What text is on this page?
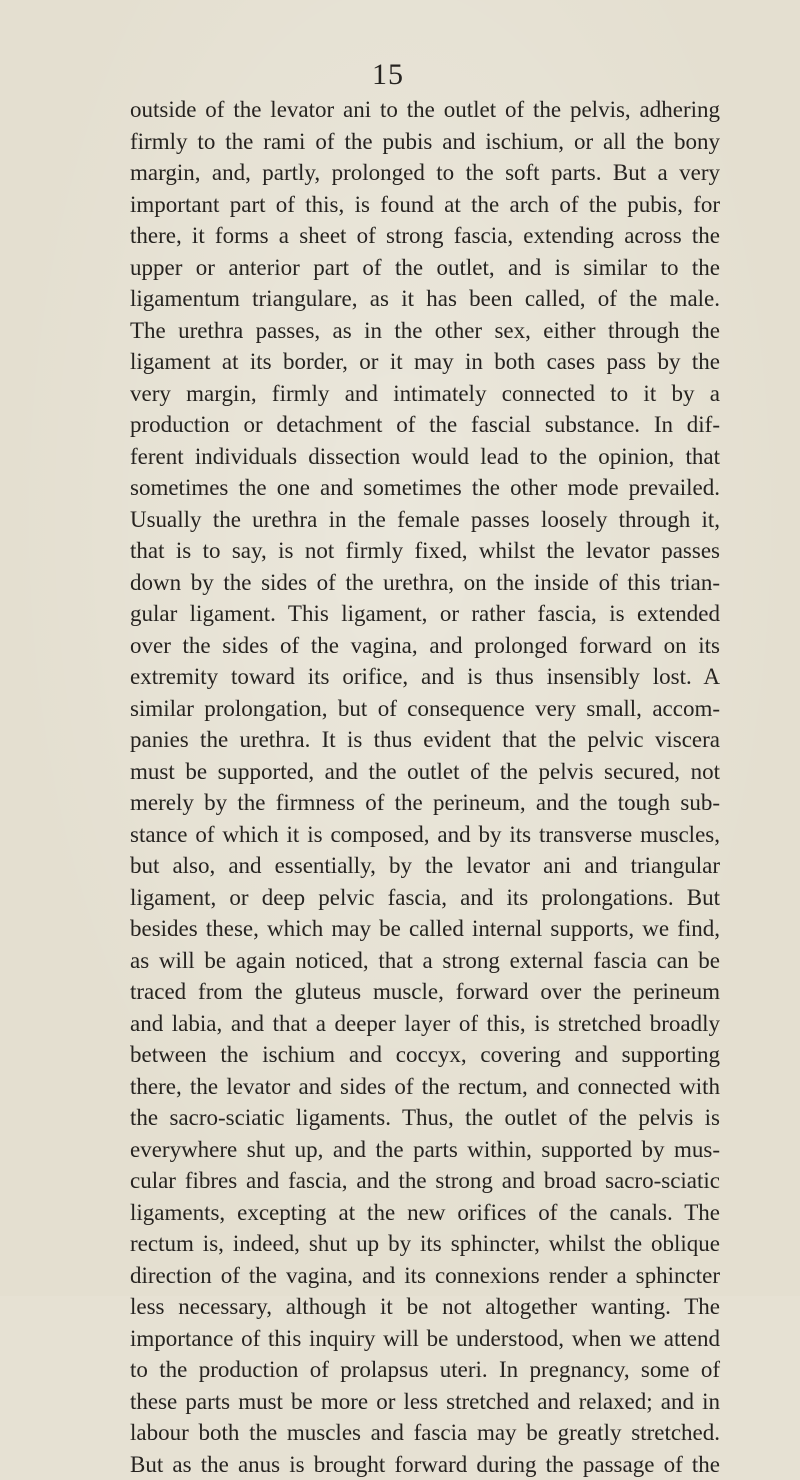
15
outside of the levator ani to the outlet of the pelvis, adhering
firmly to the rami of the pubis and ischium, or all the bony
margin, and, partly, prolonged to the soft parts. But a very
important part of this, is found at the arch of the pubis, for
there, it forms a sheet of strong fascia, extending across the
upper or anterior part of the outlet, and is similar to the
ligamentum triangulare, as it has been called, of the male.
The urethra passes, as in the other sex, either through the
ligament at its border, or it may in both cases pass by the
very margin, firmly and intimately connected to it by a
production or detachment of the fascial substance. In dif-
ferent individuals dissection would lead to the opinion, that
sometimes the one and sometimes the other mode prevailed.
Usually the urethra in the female passes loosely through it,
that is to say, is not firmly fixed, whilst the levator passes
down by the sides of the urethra, on the inside of this trian-
gular ligament. This ligament, or rather fascia, is extended
over the sides of the vagina, and prolonged forward on its
extremity toward its orifice, and is thus insensibly lost. A
similar prolongation, but of consequence very small, accom-
panies the urethra. It is thus evident that the pelvic viscera
must be supported, and the outlet of the pelvis secured, not
merely by the firmness of the perineum, and the tough sub-
stance of which it is composed, and by its transverse muscles,
but also, and essentially, by the levator ani and triangular
ligament, or deep pelvic fascia, and its prolongations. But
besides these, which may be called internal supports, we find,
as will be again noticed, that a strong external fascia can be
traced from the gluteus muscle, forward over the perineum
and labia, and that a deeper layer of this, is stretched broadly
between the ischium and coccyx, covering and supporting
there, the levator and sides of the rectum, and connected with
the sacro-sciatic ligaments. Thus, the outlet of the pelvis is
everywhere shut up, and the parts within, supported by mus-
cular fibres and fascia, and the strong and broad sacro-sciatic
ligaments, excepting at the new orifices of the canals. The
rectum is, indeed, shut up by its sphincter, whilst the oblique
direction of the vagina, and its connexions render a sphincter
less necessary, although it be not altogether wanting. The
importance of this inquiry will be understood, when we attend
to the production of prolapsus uteri. In pregnancy, some of
these parts must be more or less stretched and relaxed; and in
labour both the muscles and fascia may be greatly stretched.
But as the anus is brought forward during the passage of the
